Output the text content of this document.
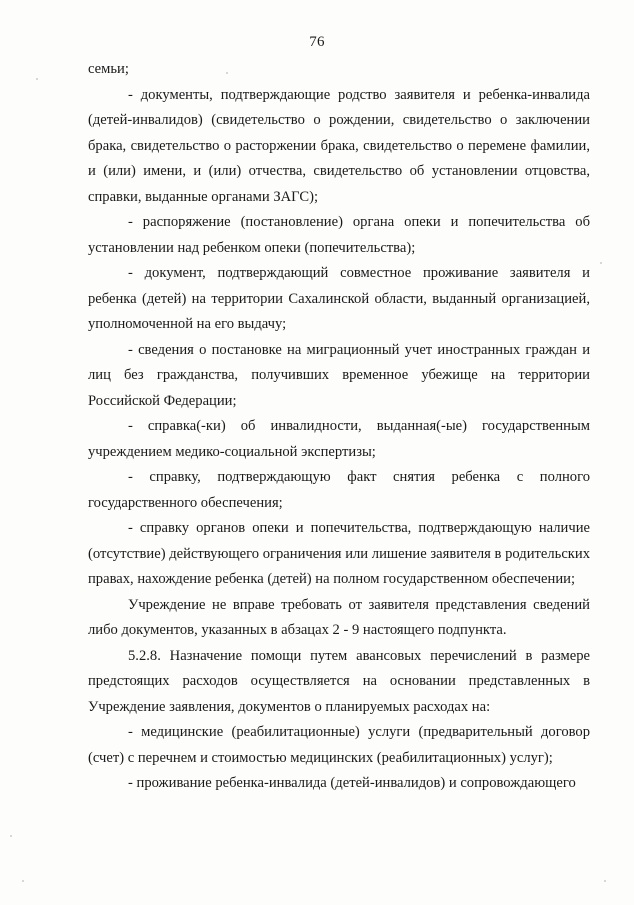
76

семьи;

- документы, подтверждающие родство заявителя и ребенка-инвалида (детей-инвалидов) (свидетельство о рождении, свидетельство о заключении брака, свидетельство о расторжении брака, свидетельство о перемене фамилии, и (или) имени, и (или) отчества, свидетельство об установлении отцовства, справки, выданные органами ЗАГС);

- распоряжение (постановление) органа опеки и попечительства об установлении над ребенком опеки (попечительства);

- документ, подтверждающий совместное проживание заявителя и ребенка (детей) на территории Сахалинской области, выданный организацией, уполномоченной на его выдачу;

- сведения о постановке на миграционный учет иностранных граждан и лиц без гражданства, получивших временное убежище на территории Российской Федерации;

- справка(-ки) об инвалидности, выданная(-ые) государственным учреждением медико-социальной экспертизы;

- справку, подтверждающую факт снятия ребенка с полного государственного обеспечения;

- справку органов опеки и попечительства, подтверждающую наличие (отсутствие) действующего ограничения или лишение заявителя в родительских правах, нахождение ребенка (детей) на полном государственном обеспечении;

Учреждение не вправе требовать от заявителя представления сведений либо документов, указанных в абзацах 2 - 9 настоящего подпункта.

5.2.8. Назначение помощи путем авансовых перечислений в размере предстоящих расходов осуществляется на основании представленных в Учреждение заявления, документов о планируемых расходах на:

- медицинские (реабилитационные) услуги (предварительный договор (счет) с перечнем и стоимостью медицинских (реабилитационных) услуг);

- проживание ребенка-инвалида (детей-инвалидов) и сопровождающего
